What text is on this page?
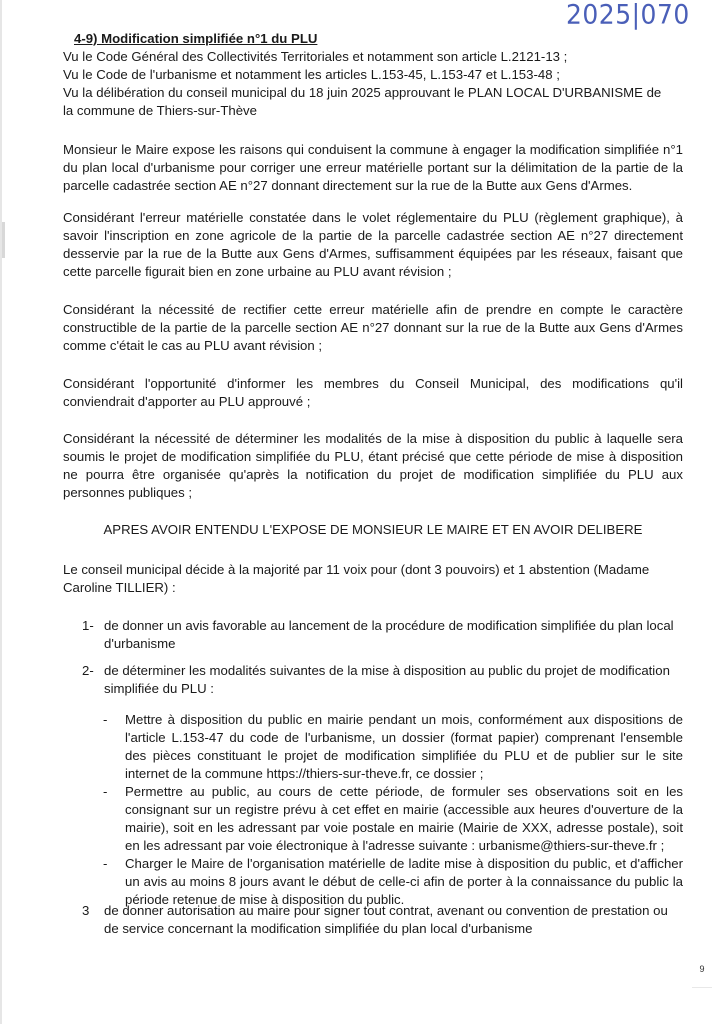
2025|070
4-9) Modification simplifiée n°1 du PLU

Vu le Code Général des Collectivités Territoriales et notamment son article L.2121-13 ;

Vu le Code de l'urbanisme et notamment les articles L.153-45, L.153-47 et L.153-48 ;

Vu la délibération du conseil municipal du 18 juin 2025 approuvant le PLAN LOCAL D'URBANISME de la commune de Thiers-sur-Thève

Monsieur le Maire expose les raisons qui conduisent la commune à engager la modification simplifiée n°1 du plan local d'urbanisme pour corriger une erreur matérielle portant sur la délimitation de la partie de la parcelle cadastrée section AE n°27 donnant directement sur la rue de la Butte aux Gens d'Armes.

Considérant l'erreur matérielle constatée dans le volet réglementaire du PLU (règlement graphique), à savoir l'inscription en zone agricole de la partie de la parcelle cadastrée section AE n°27 directement desservie par la rue de la Butte aux Gens d'Armes, suffisamment équipées par les réseaux, faisant que cette parcelle figurait bien en zone urbaine au PLU avant révision ;

Considérant la nécessité de rectifier cette erreur matérielle afin de prendre en compte le caractère constructible de la partie de la parcelle section AE n°27 donnant sur la rue de la Butte aux Gens d'Armes comme c'était le cas au PLU avant révision ;

Considérant l'opportunité d'informer les membres du Conseil Municipal, des modifications qu'il conviendrait d'apporter au PLU approuvé ;

Considérant la nécessité de déterminer les modalités de la mise à disposition du public à laquelle sera soumis le projet de modification simplifiée du PLU, étant précisé que cette période de mise à disposition ne pourra être organisée qu'après la notification du projet de modification simplifiée du PLU aux personnes publiques ;

APRES AVOIR ENTENDU L'EXPOSE DE MONSIEUR LE MAIRE ET EN AVOIR DELIBERE

Le conseil municipal décide à la majorité par 11 voix pour (dont 3 pouvoirs) et 1 abstention (Madame Caroline TILLIER) :

1- de donner un avis favorable au lancement de la procédure de modification simplifiée du plan local d'urbanisme
2- de déterminer les modalités suivantes de la mise à disposition au public du projet de modification simplifiée du PLU :
-	Mettre à disposition du public en mairie pendant un mois, conformément aux dispositions de l'article L.153-47 du code de l'urbanisme, un dossier (format papier) comprenant l'ensemble des pièces constituant le projet de modification simplifiée du PLU et de publier sur le site internet de la commune https://thiers-sur-theve.fr, ce dossier ;
-	Permettre au public, au cours de cette période, de formuler ses observations soit en les consignant sur un registre prévu à cet effet en mairie (accessible aux heures d'ouverture de la mairie), soit en les adressant par voie postale en mairie (Mairie de XXX, adresse postale), soit en les adressant par voie électronique à l'adresse suivante : urbanisme@thiers-sur-theve.fr ;
-	Charger le Maire de l'organisation matérielle de ladite mise à disposition du public, et d'afficher un avis au moins 8 jours avant le début de celle-ci afin de porter à la connaissance du public la période retenue de mise à disposition du public.
3	de donner autorisation au maire pour signer tout contrat, avenant ou convention de prestation ou de service concernant la modification simplifiée du plan local d'urbanisme
9
